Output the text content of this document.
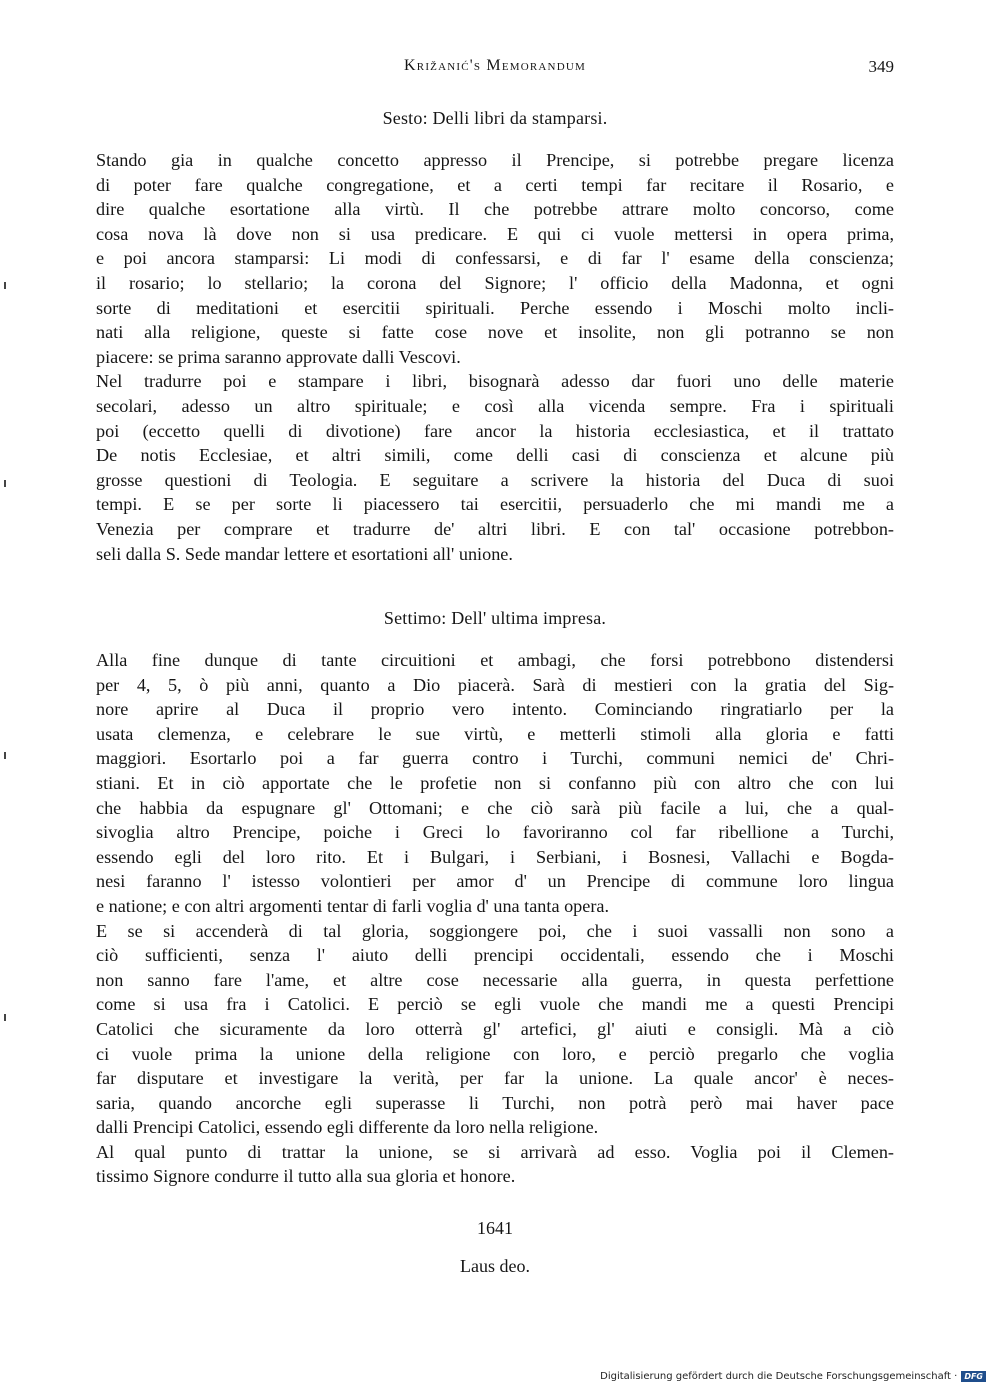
Križanić's Memorandum	349
Sesto: Delli libri da stamparsi.
Stando gia in qualche concetto appresso il Prencipe, si potrebbe pregare licenza
di poter fare qualche congregatione, et a certi tempi far recitare il Rosario, e
dire qualche esortatione alla virtù. Il che potrebbe attrare molto concorso, come
cosa nova là dove non si usa predicare. E qui ci vuole mettersi in opera prima,
e poi ancora stamparsi: Li modi di confessarsi, e di far l' esame della conscienza;
il rosario; lo stellario; la corona del Signore; l' officio della Madonna, et ogni
sorte di meditationi et esercitii spirituali. Perche essendo i Moschi molto incli-
nati alla religione, queste si fatte cose nove et insolite, non gli potranno se non
piacere: se prima saranno approvate dalli Vescovi.
Nel tradurre poi e stampare i libri, bisognarà adesso dar fuori uno delle materie
secolari, adesso un altro spirituale; e così alla vicenda sempre. Fra i spirituali
poi (eccetto quelli di divotione) fare ancor la historia ecclesiastica, et il trattato
De notis Ecclesiae, et altri simili, come delli casi di conscienza et alcune più
grosse questioni di Teologia. E seguitare a scrivere la historia del Duca di suoi
tempi. E se per sorte li piacessero tai esercitii, persuaderlo che mi mandi me a
Venezia per comprare et tradurre de' altri libri. E con tal' occasione potrebbon-
seli dalla S. Sede mandar lettere et esortationi all' unione.
Settimo: Dell' ultima impresa.
Alla fine dunque di tante circuitioni et ambagi, che forsi potrebbono distendersi
per 4, 5, ò più anni, quanto a Dio piacerà. Sarà di mestieri con la gratia del Sig-
nore aprire al Duca il proprio vero intento. Cominciando ringratiarlo per la
usata clemenza, e celebrare le sue virtù, e metterli stimoli alla gloria e fatti
maggiori. Esortarlo poi a far guerra contro i Turchi, communi nemici de' Chri-
stiani. Et in ciò apportate che le profetie non si confanno più con altro che con lui
che habbia da espugnare gl' Ottomani; e che ciò sarà più facile a lui, che a qual-
sivoglia altro Prencipe, poiche i Greci lo favoriranno col far ribellione a Turchi,
essendo egli del loro rito. Et i Bulgari, i Serbiani, i Bosnesi, Vallachi e Bogda-
nesi faranno l' istesso volontieri per amor d' un Prencipe di commune loro lingua
e natione; e con altri argomenti tentar di farli voglia d' una tanta opera.
E se si accenderà di tal gloria, soggiongere poi, che i suoi vassalli non sono a
ciò sufficienti, senza l' aiuto delli prencipi occidentali, essendo che i Moschi
non sanno fare l'ame, et altre cose necessarie alla guerra, in questa perfettione
come si usa fra i Catolici. E perciò se egli vuole che mandi me a questi Prencipi
Catolici che sicuramente da loro otterrà gl' artefici, gl' aiuti e consigli. Mà a ciò
ci vuole prima la unione della religione con loro, e perciò pregarlo che voglia
far disputare et investigare la verità, per far la unione. La quale ancor' è neces-
saria, quando ancorche egli superasse li Turchi, non potrà però mai haver pace
dalli Prencipi Catolici, essendo egli differente da loro nella religione.
Al qual punto di trattar la unione, se si arrivarà ad esso. Voglia poi il Clemen-
tissimo Signore condurre il tutto alla sua gloria et honore.
1641
Laus deo.
Digitalisierung gefördert durch die Deutsche Forschungsgemeinschaft · DFG
